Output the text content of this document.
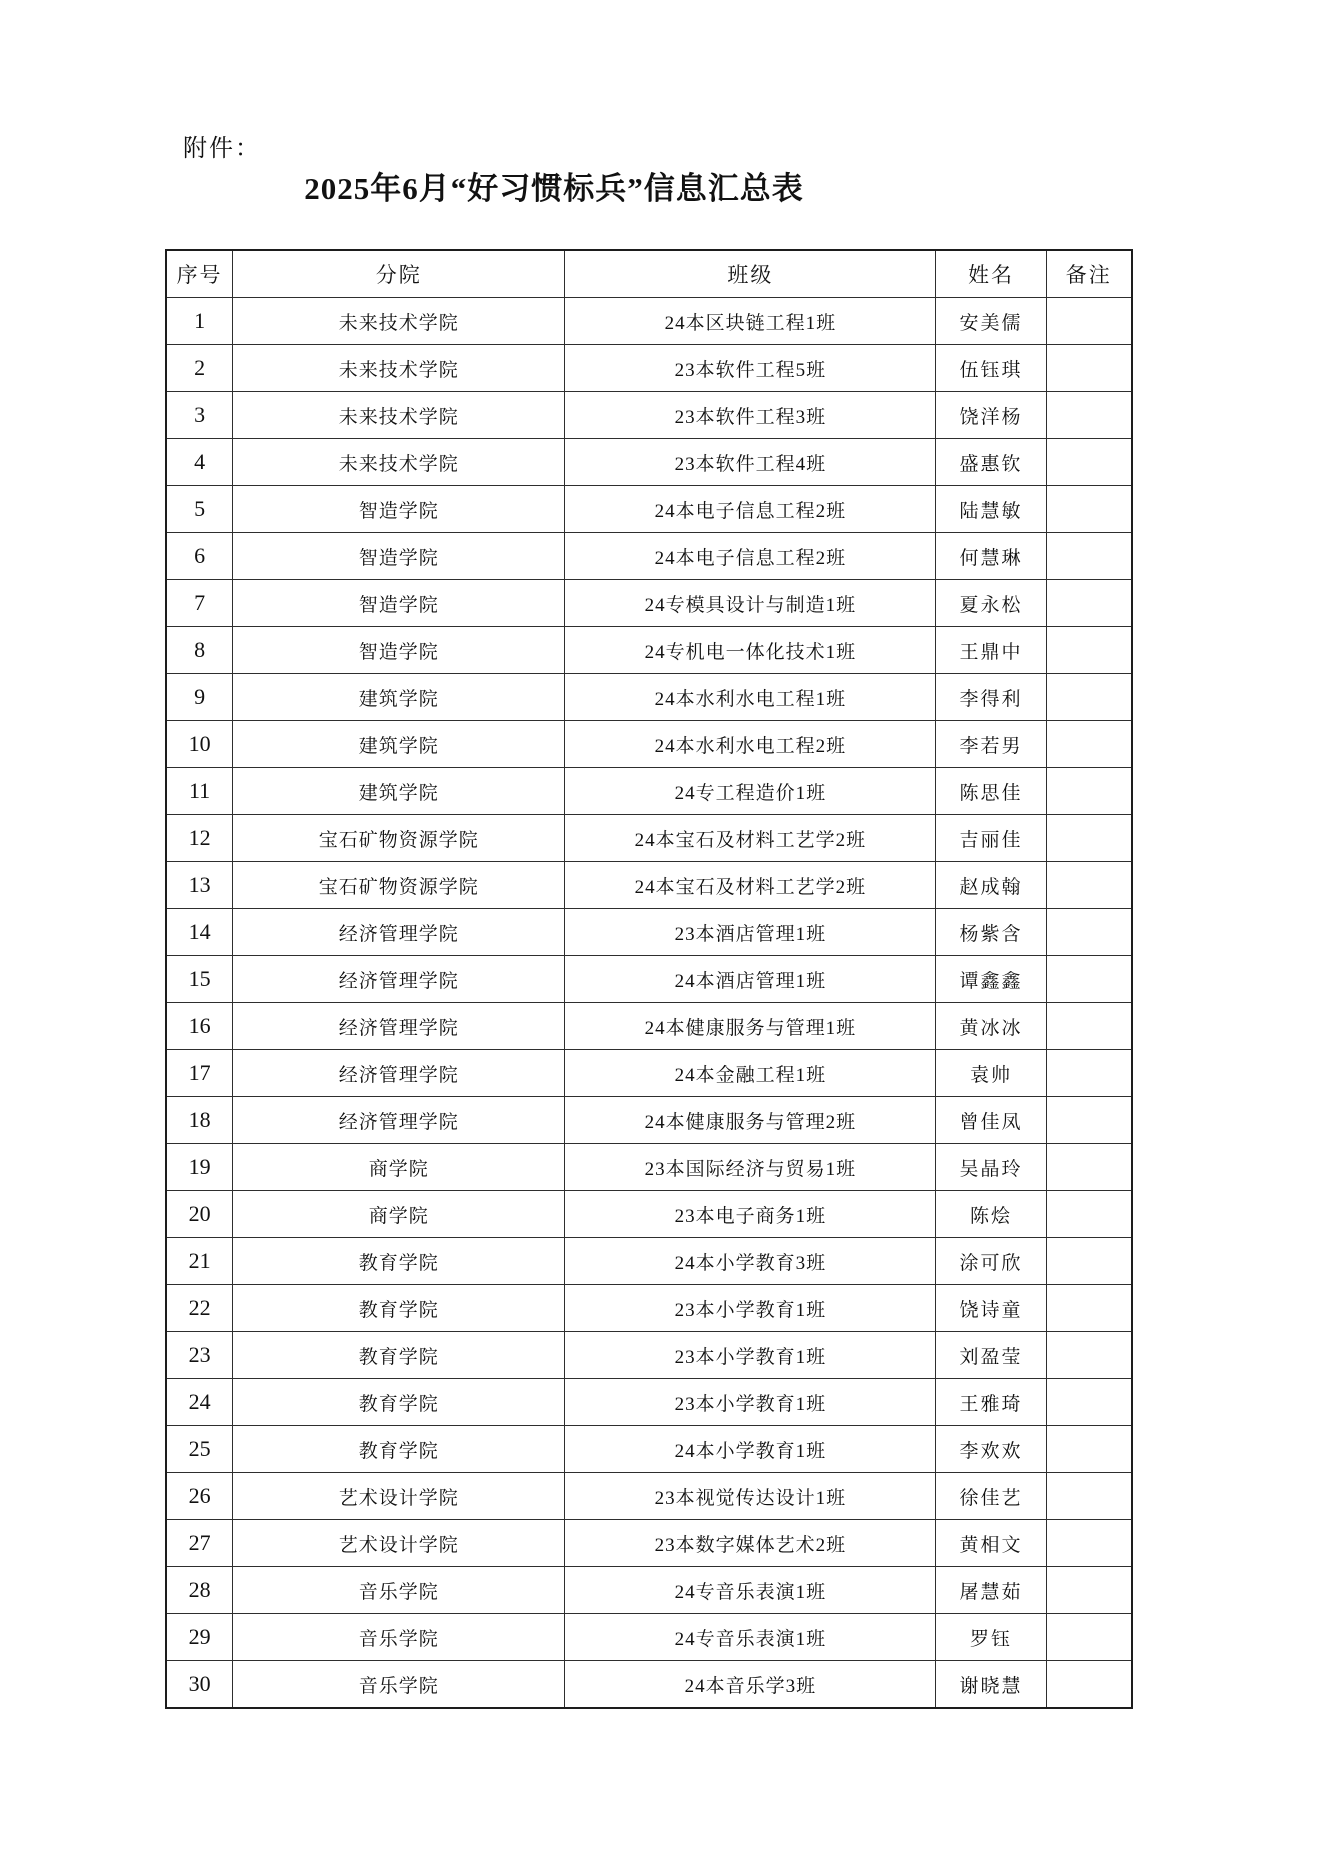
附件：
2025年6月“好习惯标兵”信息汇总表
序号	分院	班级	姓名	备注
1	未来技术学院	24本区块链工程1班	安美儒	
2	未来技术学院	23本软件工程5班	伍钰琪	
3	未来技术学院	23本软件工程3班	饶洋杨	
4	未来技术学院	23本软件工程4班	盛惠钦	
5	智造学院	24本电子信息工程2班	陆慧敏	
6	智造学院	24本电子信息工程2班	何慧琳	
7	智造学院	24专模具设计与制造1班	夏永松	
8	智造学院	24专机电一体化技术1班	王鼎中	
9	建筑学院	24本水利水电工程1班	李得利	
10	建筑学院	24本水利水电工程2班	李若男	
11	建筑学院	24专工程造价1班	陈思佳	
12	宝石矿物资源学院	24本宝石及材料工艺学2班	吉丽佳	
13	宝石矿物资源学院	24本宝石及材料工艺学2班	赵成翰	
14	经济管理学院	23本酒店管理1班	杨紫含	
15	经济管理学院	24本酒店管理1班	谭鑫鑫	
16	经济管理学院	24本健康服务与管理1班	黄冰冰	
17	经济管理学院	24本金融工程1班	袁帅	
18	经济管理学院	24本健康服务与管理2班	曾佳凤	
19	商学院	23本国际经济与贸易1班	吴晶玲	
20	商学院	23本电子商务1班	陈烩	
21	教育学院	24本小学教育3班	涂可欣	
22	教育学院	23本小学教育1班	饶诗童	
23	教育学院	23本小学教育1班	刘盈莹	
24	教育学院	23本小学教育1班	王雅琦	
25	教育学院	24本小学教育1班	李欢欢	
26	艺术设计学院	23本视觉传达设计1班	徐佳艺	
27	艺术设计学院	23本数字媒体艺术2班	黄相文	
28	音乐学院	24专音乐表演1班	屠慧茹	
29	音乐学院	24专音乐表演1班	罗钰	
30	音乐学院	24本音乐学3班	谢晓慧	
